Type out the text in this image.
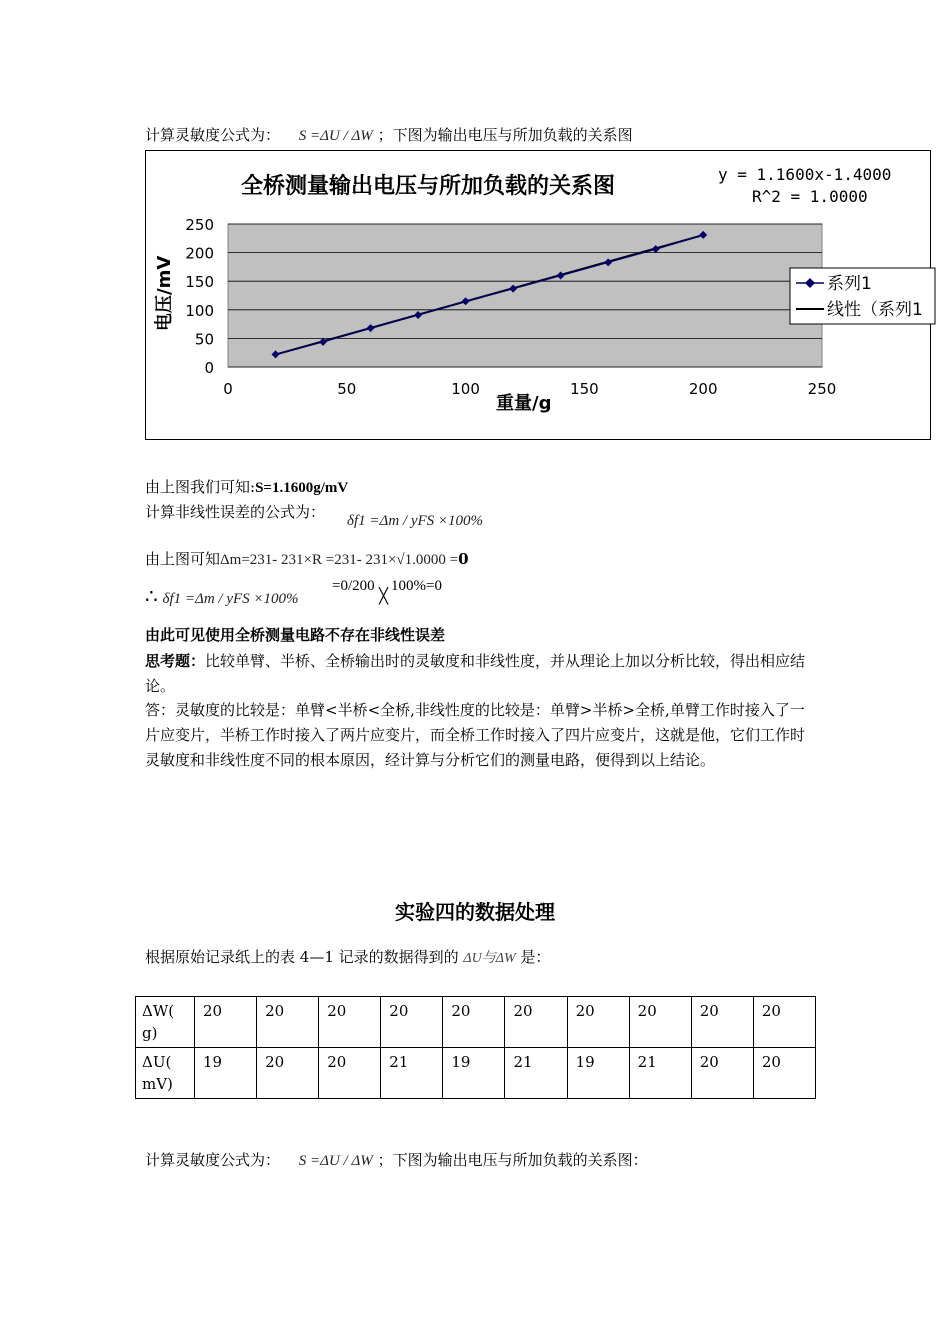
计算灵敏度公式为： S =ΔU / ΔW ；下图为输出电压与所加负载的关系图
全桥测量输出电压与所加负载的关系图	y = 1.1600x-1.4000
R^2 = 1.0000
250
200
150
100
50
0
0	50	100	150	200	250
电压/mV
重量/g
系列1
线性（系列1
由上图我们可知:S=1.1600g/mV
计算非线性误差的公式为： δf1 =Δm / yFS ×100%
由上图可知Δm=231- 231×R =231- 231×√1.0000 =0
∴ δf1 =Δm / yFS ×100%
=0/200
╳
100%=0
由此可见使用全桥测量电路不存在非线性误差
思考题：比较单臂、半桥、全桥输出时的灵敏度和非线性度，并从理论上加以分析比较，得出相应结论。
答：灵敏度的比较是：单臂<半桥<全桥,非线性度的比较是：单臂>半桥>全桥,单臂工作时接入了一片应变片，半桥工作时接入了两片应变片，而全桥工作时接入了四片应变片，这就是他，它们工作时灵敏度和非线性度不同的根本原因，经计算与分析它们的测量电路，便得到以上结论。
实验四的数据处理
根据原始记录纸上的表 4—1 记录的数据得到的 ΔU与ΔW 是：
ΔW(
g)	20	20	20	20	20	20	20	20	20	20
ΔU(
mV)	19	20	20	21	19	21	19	21	20	20
计算灵敏度公式为： S =ΔU / ΔW ；下图为输出电压与所加负载的关系图：
